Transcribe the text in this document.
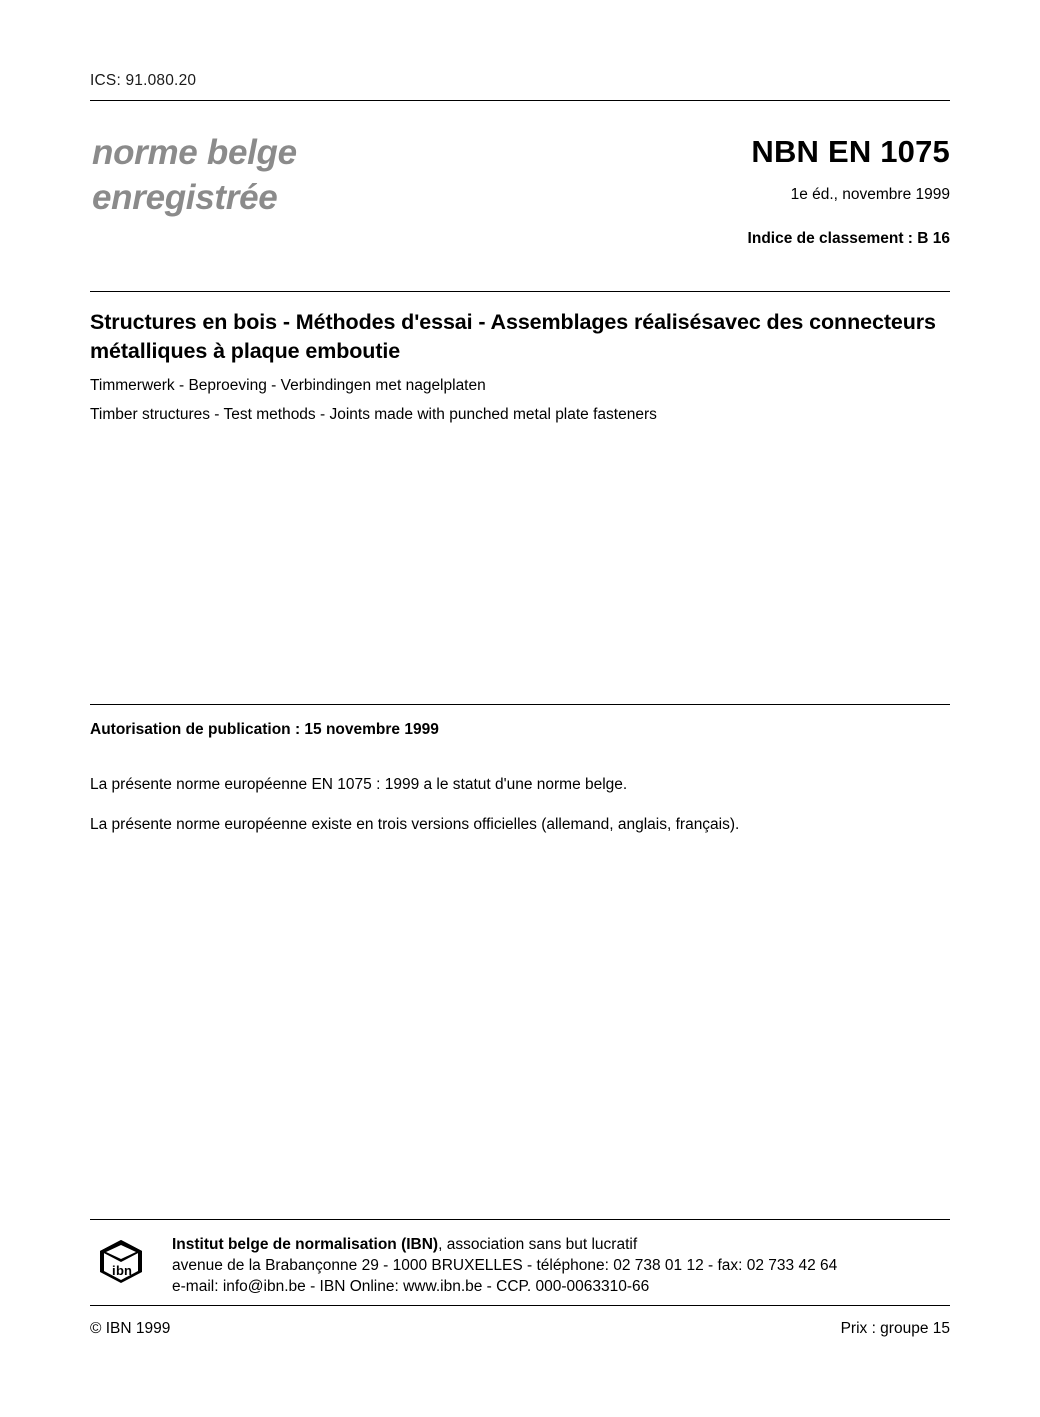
ICS: 91.080.20
norme belge
enregistrée
NBN EN 1075
1e éd., novembre 1999
Indice de classement : B 16
Structures en bois - Méthodes d'essai - Assemblages réalisésavec des connecteurs métalliques à plaque emboutie
Timmerwerk - Beproeving - Verbindingen met nagelplaten
Timber structures - Test methods - Joints made with punched metal plate fasteners
Autorisation de publication : 15 novembre 1999
La présente norme européenne EN 1075 : 1999 a le statut d'une norme belge.
La présente norme européenne existe en trois versions officielles (allemand, anglais, français).
i b n
Institut belge de normalisation (IBN), association sans but lucratif
avenue de la Brabançonne 29 - 1000 BRUXELLES - téléphone: 02 738 01 12 - fax: 02 733 42 64
e-mail: info@ibn.be - IBN Online: www.ibn.be - CCP. 000-0063310-66
© IBN 1999	Prix : groupe 15
